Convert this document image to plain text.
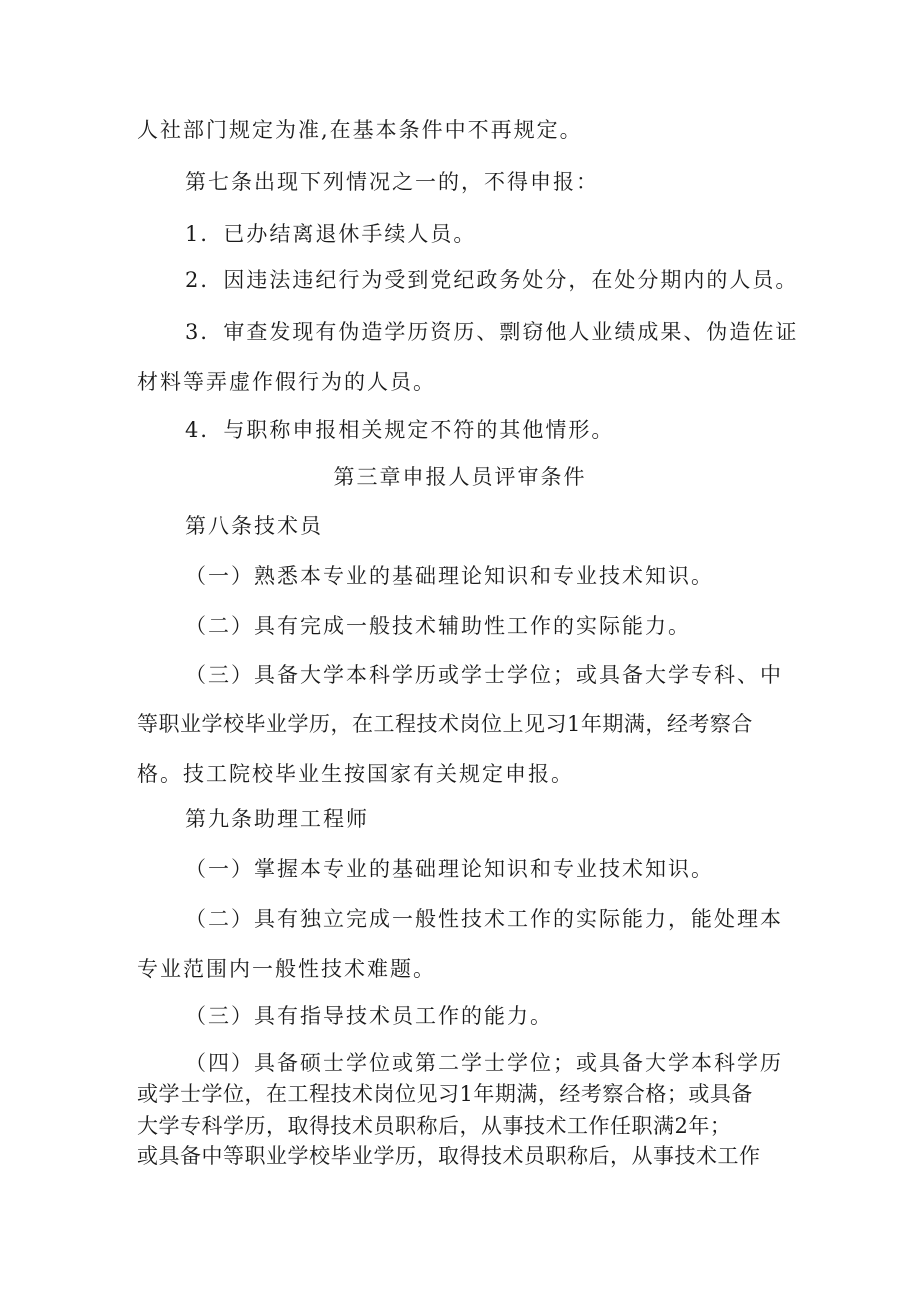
人社部门规定为准,在基本条件中不再规定。
第七条出现下列情况之一的，不得申报：
1．已办结离退休手续人员。
2．因违法违纪行为受到党纪政务处分，在处分期内的人员。
3．审查发现有伪造学历资历、剽窃他人业绩成果、伪造佐证
材料等弄虚作假行为的人员。
4．与职称申报相关规定不符的其他情形。
第三章申报人员评审条件
第八条技术员
（一）熟悉本专业的基础理论知识和专业技术知识。
（二）具有完成一般技术辅助性工作的实际能力。
（三）具备大学本科学历或学士学位；或具备大学专科、中
等职业学校毕业学历，在工程技术岗位上见习1年期满，经考察合
格。技工院校毕业生按国家有关规定申报。
第九条助理工程师
（一）掌握本专业的基础理论知识和专业技术知识。
（二）具有独立完成一般性技术工作的实际能力，能处理本
专业范围内一般性技术难题。
（三）具有指导技术员工作的能力。
（四）具备硕士学位或第二学士学位；或具备大学本科学历
或学士学位，在工程技术岗位见习1年期满，经考察合格；或具备
大学专科学历，取得技术员职称后，从事技术工作任职满2年；
或具备中等职业学校毕业学历，取得技术员职称后，从事技术工作
